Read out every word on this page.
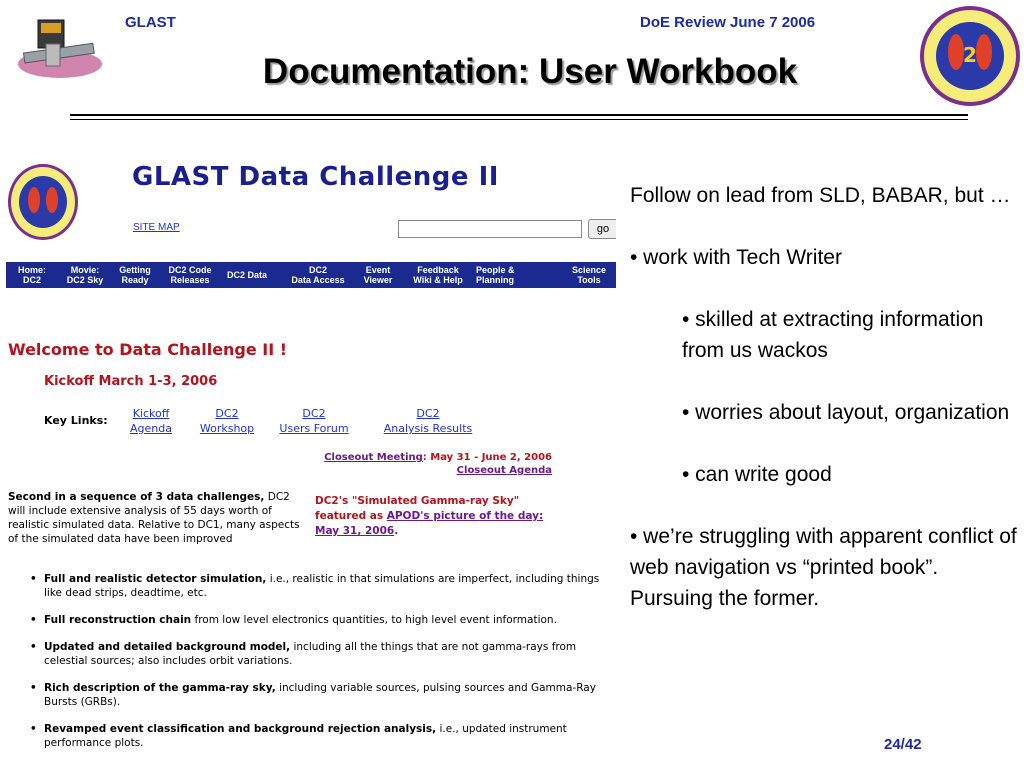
GLAST	DoE Review June 7 2006
Documentation: User Workbook	2
GLAST Data Challenge II
SITE MAP	go
Home:
DC2
Movie:
DC2 Sky
Getting
Ready
DC2 Code
Releases	DC2 Data	DC2
Data Access
Event
Viewer
Feedback
Wiki & Help
People &
Planning
Science
Tools
Welcome to Data Challenge II !
Kickoff March 1-3, 2006
Key Links:
Kickoff
Agenda
DC2
Workshop
DC2
Users Forum
DC2
Analysis Results
Closeout Meeting: May 31 - June 2, 2006
Closeout Agenda
Second in a sequence of 3 data challenges, DC2 will include extensive analysis of 55 days worth of realistic simulated data. Relative to DC1, many aspects of the simulated data have been improved
DC2's "Simulated Gamma-ray Sky" featured as APOD's picture of the day: May 31, 2006.
• Full and realistic detector simulation, i.e., realistic in that simulations are imperfect, including things like dead strips, deadtime, etc.
• Full reconstruction chain from low level electronics quantities, to high level event information.
• Updated and detailed background model, including all the things that are not gamma-rays from celestial sources; also includes orbit variations.
• Rich description of the gamma-ray sky, including variable sources, pulsing sources and Gamma-Ray Bursts (GRBs).
• Revamped event classification and background rejection analysis, i.e., updated instrument performance plots.

Follow on lead from SLD, BABAR, but …

• work with Tech Writer

• skilled at extracting information from us wackos

• worries about layout, organization

• can write good

• we’re struggling with apparent conflict of web navigation vs “printed book”. Pursuing the former.

24/42
